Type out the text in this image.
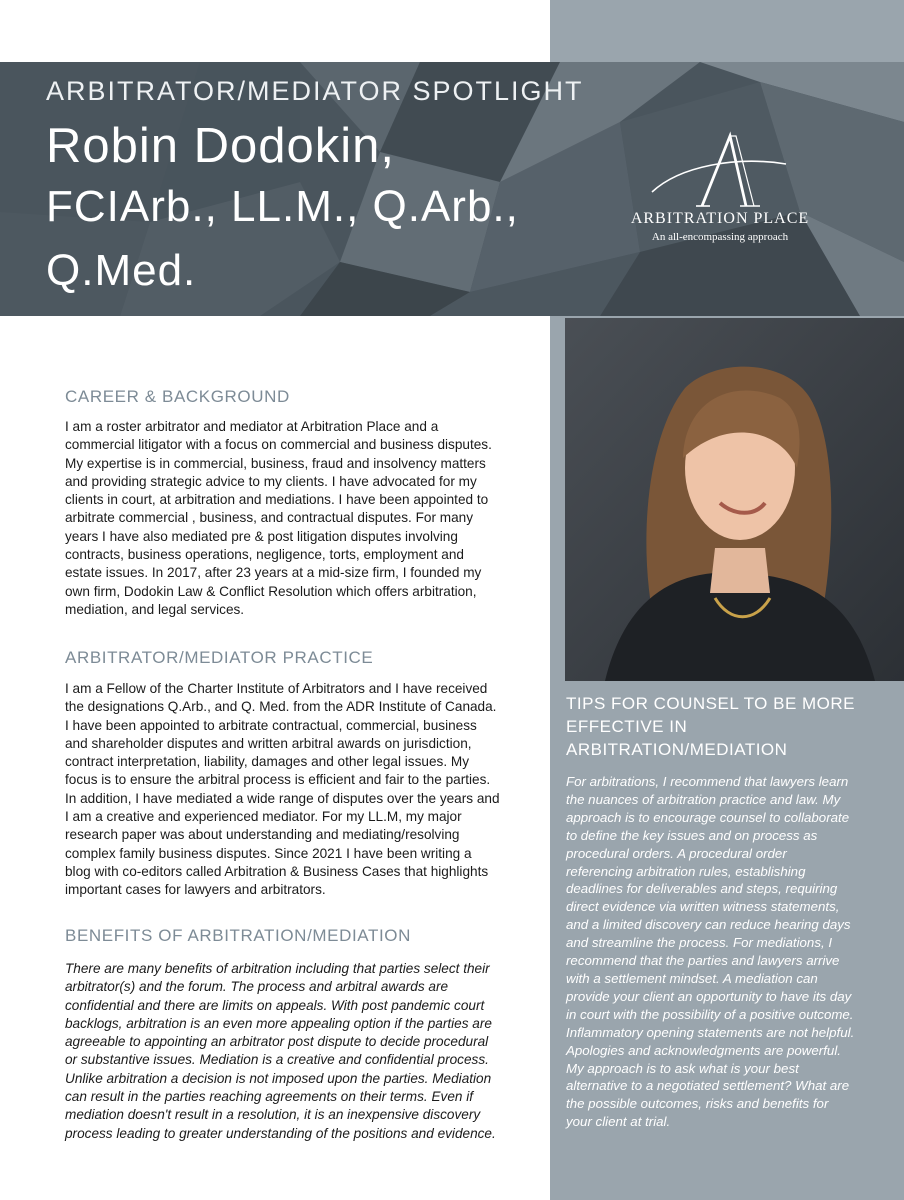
ARBITRATOR/MEDIATOR SPOTLIGHT
Robin Dodokin,
FCIArb., LL.M., Q.Arb.,
Q.Med.
ARBITRATION PLACE
An all-encompassing approach
CAREER & BACKGROUND

I am a roster arbitrator and mediator at Arbitration Place and a commercial litigator with a focus on commercial and business disputes. My expertise is in commercial, business, fraud and insolvency matters and providing strategic advice to my clients. I have advocated for my clients in court, at arbitration and mediations. I have been appointed to arbitrate commercial , business, and contractual disputes. For many years I have also mediated pre & post litigation disputes involving contracts, business operations, negligence, torts, employment and estate issues. In 2017, after 23 years at a mid-size firm, I founded my own firm, Dodokin Law & Conflict Resolution which offers arbitration, mediation, and legal services.

ARBITRATOR/MEDIATOR PRACTICE

I am a Fellow of the Charter Institute of Arbitrators and I have received the designations Q.Arb., and Q. Med. from the ADR Institute of Canada. I have been appointed to arbitrate contractual, commercial, business and shareholder disputes and written arbitral awards on jurisdiction, contract interpretation, liability, damages and other legal issues. My focus is to ensure the arbitral process is efficient and fair to the parties. In addition, I have mediated a wide range of disputes over the years and I am a creative and experienced mediator. For my LL.M, my major research paper was about understanding and mediating/resolving complex family business disputes. Since 2021 I have been writing a blog with co-editors called Arbitration & Business Cases that highlights important cases for lawyers and arbitrators.

BENEFITS OF ARBITRATION/MEDIATION

There are many benefits of arbitration including that parties select their arbitrator(s) and the forum. The process and arbitral awards are confidential and there are limits on appeals. With post pandemic court backlogs, arbitration is an even more appealing option if the parties are agreeable to appointing an arbitrator post dispute to decide procedural or substantive issues. Mediation is a creative and confidential process. Unlike arbitration a decision is not imposed upon the parties. Mediation can result in the parties reaching agreements on their terms. Even if mediation doesn't result in a resolution, it is an inexpensive discovery process leading to greater understanding of the positions and evidence.

TIPS FOR COUNSEL TO BE MORE EFFECTIVE IN ARBITRATION/MEDIATION

For arbitrations, I recommend that lawyers learn the nuances of arbitration practice and law. My approach is to encourage counsel to collaborate to define the key issues and on process as procedural orders. A procedural order referencing arbitration rules, establishing deadlines for deliverables and steps, requiring direct evidence via written witness statements, and a limited discovery can reduce hearing days and streamline the process. For mediations, I recommend that the parties and lawyers arrive with a settlement mindset. A mediation can provide your client an opportunity to have its day in court with the possibility of a positive outcome. Inflammatory opening statements are not helpful. Apologies and acknowledgments are powerful. My approach is to ask what is your best alternative to a negotiated settlement? What are the possible outcomes, risks and benefits for your client at trial.
